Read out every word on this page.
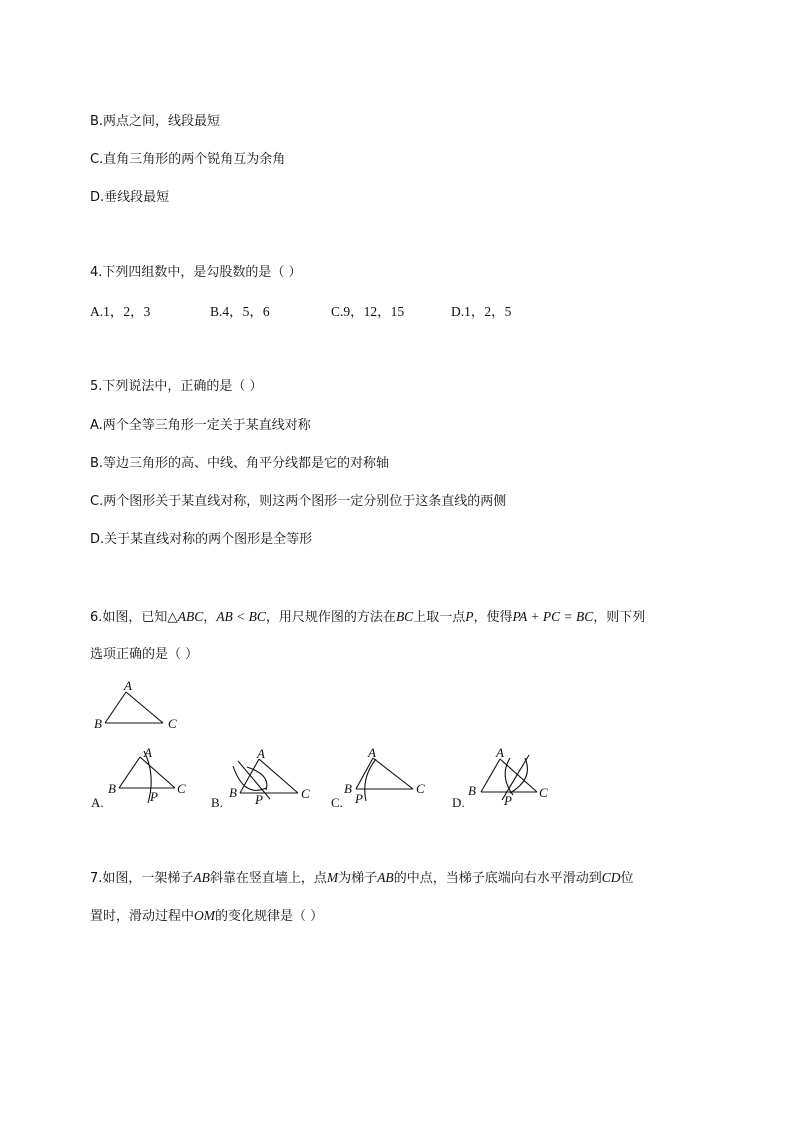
B.两点之间，线段最短
C.直角三角形的两个锐角互为余角
D.垂线段最短
4.下列四组数中，是勾股数的是（ ）
A.1，2，3	B.4，5，6	C.9，12，15	D.1，2，5
5.下列说法中，正确的是（ ）
A.两个全等三角形一定关于某直线对称
B.等边三角形的高、中线、角平分线都是它的对称轴
C.两个图形关于某直线对称，则这两个图形一定分别位于这条直线的两侧
D.关于某直线对称的两个图形是全等形
6.如图，已知△ABC，AB < BC，用尺规作图的方法在BC上取一点P，使得PA + PC = BC，则下列
选项正确的是（ ）
A
B	C
A
B	C
P
A.
A
B	C
P
B.
A
B	C
P
C.
A
B	C
P
D.
7.如图，一架梯子AB斜靠在竖直墙上，点M为梯子AB的中点，当梯子底端向右水平滑动到CD位
置时，滑动过程中OM的变化规律是（ ）
